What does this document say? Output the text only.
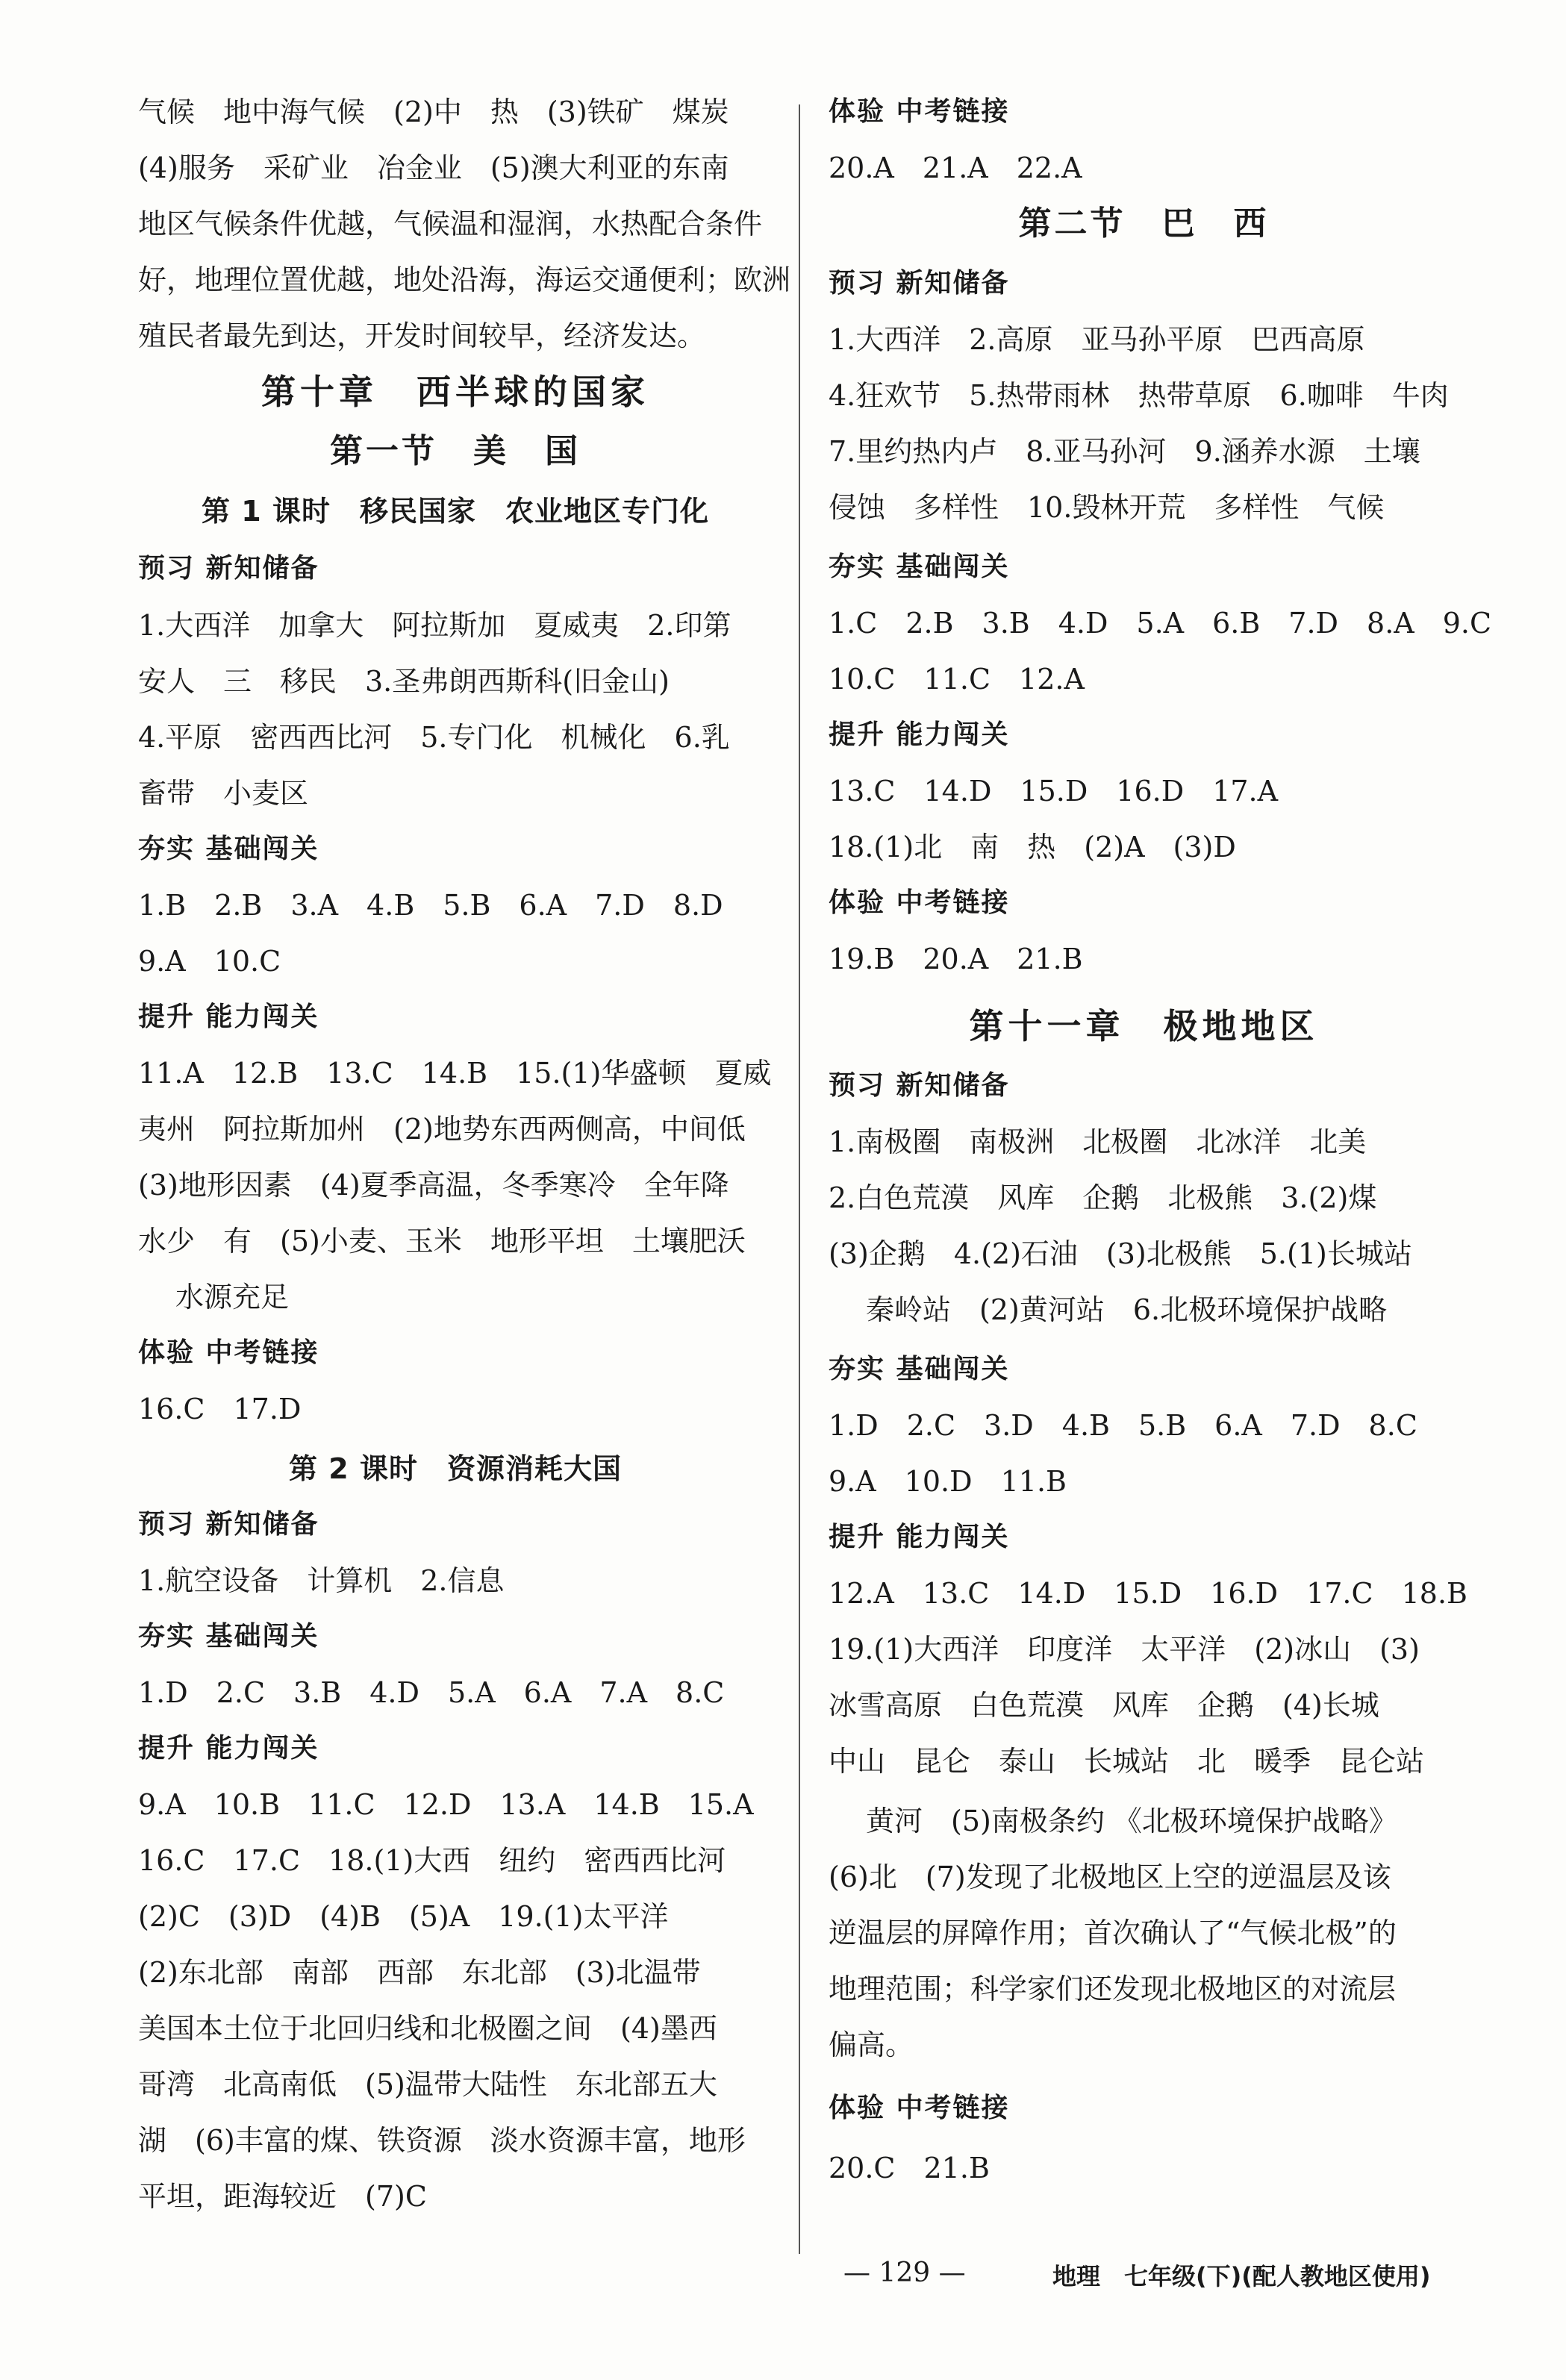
气候　地中海气候　(2)中　热　(3)铁矿　煤炭
(4)服务　采矿业　冶金业　(5)澳大利亚的东南
地区气候条件优越，气候温和湿润，水热配合条件
好，地理位置优越，地处沿海，海运交通便利；欧洲
殖民者最先到达，开发时间较早，经济发达。
第十章　西半球的国家
第一节　美　国
第 1 课时　移民国家　农业地区专门化
预习 新知储备
1.大西洋　加拿大　阿拉斯加　夏威夷　2.印第
安人　三　移民　3.圣弗朗西斯科(旧金山)
4.平原　密西西比河　5.专门化　机械化　6.乳
畜带　小麦区
夯实 基础闯关
1.B　2.B　3.A　4.B　5.B　6.A　7.D　8.D
9.A　10.C
提升 能力闯关
11.A　12.B　13.C　14.B　15.(1)华盛顿　夏威
夷州　阿拉斯加州　(2)地势东西两侧高，中间低
(3)地形因素　(4)夏季高温，冬季寒冷　全年降
水少　有　(5)小麦、玉米　地形平坦　土壤肥沃
水源充足
体验 中考链接
16.C　17.D
第 2 课时　资源消耗大国
预习 新知储备
1.航空设备　计算机　2.信息
夯实 基础闯关
1.D　2.C　3.B　4.D　5.A　6.A　7.A　8.C
提升 能力闯关
9.A　10.B　11.C　12.D　13.A　14.B　15.A
16.C　17.C　18.(1)大西　纽约　密西西比河
(2)C　(3)D　(4)B　(5)A　19.(1)太平洋
(2)东北部　南部　西部　东北部　(3)北温带
美国本土位于北回归线和北极圈之间　(4)墨西
哥湾　北高南低　(5)温带大陆性　东北部五大
湖　(6)丰富的煤、铁资源　淡水资源丰富，地形
平坦，距海较近　(7)C
体验 中考链接
20.A　21.A　22.A
第二节　巴　西
预习 新知储备
1.大西洋　2.高原　亚马孙平原　巴西高原
4.狂欢节　5.热带雨林　热带草原　6.咖啡　牛肉
7.里约热内卢　8.亚马孙河　9.涵养水源　土壤
侵蚀　多样性　10.毁林开荒　多样性　气候
夯实 基础闯关
1.C　2.B　3.B　4.D　5.A　6.B　7.D　8.A　9.C
10.C　11.C　12.A
提升 能力闯关
13.C　14.D　15.D　16.D　17.A
18.(1)北　南　热　(2)A　(3)D
体验 中考链接
19.B　20.A　21.B
第十一章　极地地区
预习 新知储备
1.南极圈　南极洲　北极圈　北冰洋　北美
2.白色荒漠　风库　企鹅　北极熊　3.(2)煤
(3)企鹅　4.(2)石油　(3)北极熊　5.(1)长城站
秦岭站　(2)黄河站　6.北极环境保护战略
夯实 基础闯关
1.D　2.C　3.D　4.B　5.B　6.A　7.D　8.C
9.A　10.D　11.B
提升 能力闯关
12.A　13.C　14.D　15.D　16.D　17.C　18.B
19.(1)大西洋　印度洋　太平洋　(2)冰山　(3)
冰雪高原　白色荒漠　风库　企鹅　(4)长城
中山　昆仑　泰山　长城站　北　暖季　昆仑站
黄河　(5)南极条约 《北极环境保护战略》
(6)北　(7)发现了北极地区上空的逆温层及该
逆温层的屏障作用；首次确认了“气候北极”的
地理范围；科学家们还发现北极地区的对流层
偏高。
体验 中考链接
20.C　21.B
— 129 —	地理　七年级(下)(配人教地区使用)
